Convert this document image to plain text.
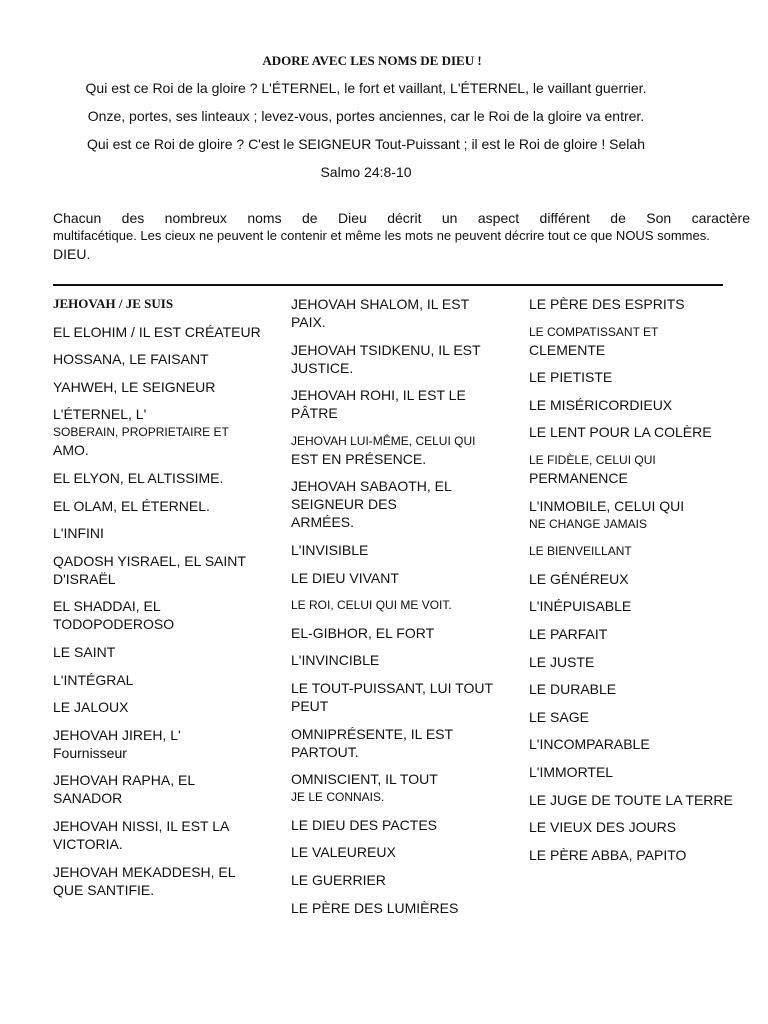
ADORE AVEC LES NOMS DE DIEU !
Qui est ce Roi de la gloire ? L'ÉTERNEL, le fort et vaillant, L'ÉTERNEL, le vaillant guerrier.
Onze, portes, ses linteaux ; levez-vous, portes anciennes, car le Roi de la gloire va entrer.
Qui est ce Roi de gloire ? C'est le SEIGNEUR Tout-Puissant ; il est le Roi de gloire ! Selah
Salmo 24:8-10
Chacun des nombreux noms de Dieu décrit un aspect différent de Son caractère
multifacétique. Les cieux ne peuvent le contenir et même les mots ne peuvent décrire tout ce que NOUS sommes.
DIEU.
JEHOVAH / JE SUIS
EL ELOHIM / IL EST CRÉATEUR
HOSSANA, LE FAISANT
YAHWEH, LE SEIGNEUR
L'ÉTERNEL, L'
SOBERAIN, PROPRIETAIRE ET
AMO.
EL ELYON, EL ALTISSIME.
EL OLAM, EL ÉTERNEL.
L'INFINI
QADOSH YISRAEL, EL SAINT D'ISRAËL
EL SHADDAI, EL TODOPODEROSO
LE SAINT
L'INTÉGRAL
LE JALOUX
JEHOVAH JIREH, L'
Fournisseur
JEHOVAH RAPHA, EL SANADOR
JEHOVAH NISSI, IL EST LA VICTORIA.
JEHOVAH MEKADDESH, EL QUE SANTIFIE.
JEHOVAH SHALOM, IL EST PAIX.
JEHOVAH TSIDKENU, IL EST JUSTICE.
JEHOVAH ROHI, IL EST LE PÂTRE
JEHOVAH LUI-MÊME, CELUI QUI
EST EN PRÉSENCE.
JEHOVAH SABAOTH, EL SEIGNEUR DES
ARMÉES.
L'INVISIBLE
LE DIEU VIVANT
LE ROI, CELUI QUI ME VOIT.
EL-GIBHOR, EL FORT
L'INVINCIBLE
LE TOUT-PUISSANT, LUI TOUT PEUT
OMNIPRÉSENTE, IL EST PARTOUT.
OMNISCIENT, IL TOUT
JE LE CONNAIS.
LE DIEU DES PACTES
LE VALEUREUX
LE GUERRIER
LE PÈRE DES LUMIÈRES
LE PÈRE DES ESPRITS
LE COMPATISSANT ET
CLEMENTE
LE PIETISTE
LE MISÉRICORDIEUX
LE LENT POUR LA COLÈRE
LE FIDÈLE, CELUI QUI
PERMANENCE
L'INMOBILE, CELUI QUI
NE CHANGE JAMAIS
LE BIENVEILLANT
LE GÉNÉREUX
L'INÉPUISABLE
LE PARFAIT
LE JUSTE
LE DURABLE
LE SAGE
L'INCOMPARABLE
L'IMMORTEL
LE JUGE DE TOUTE LA TERRE
LE VIEUX DES JOURS
LE PÈRE ABBA, PAPITO
